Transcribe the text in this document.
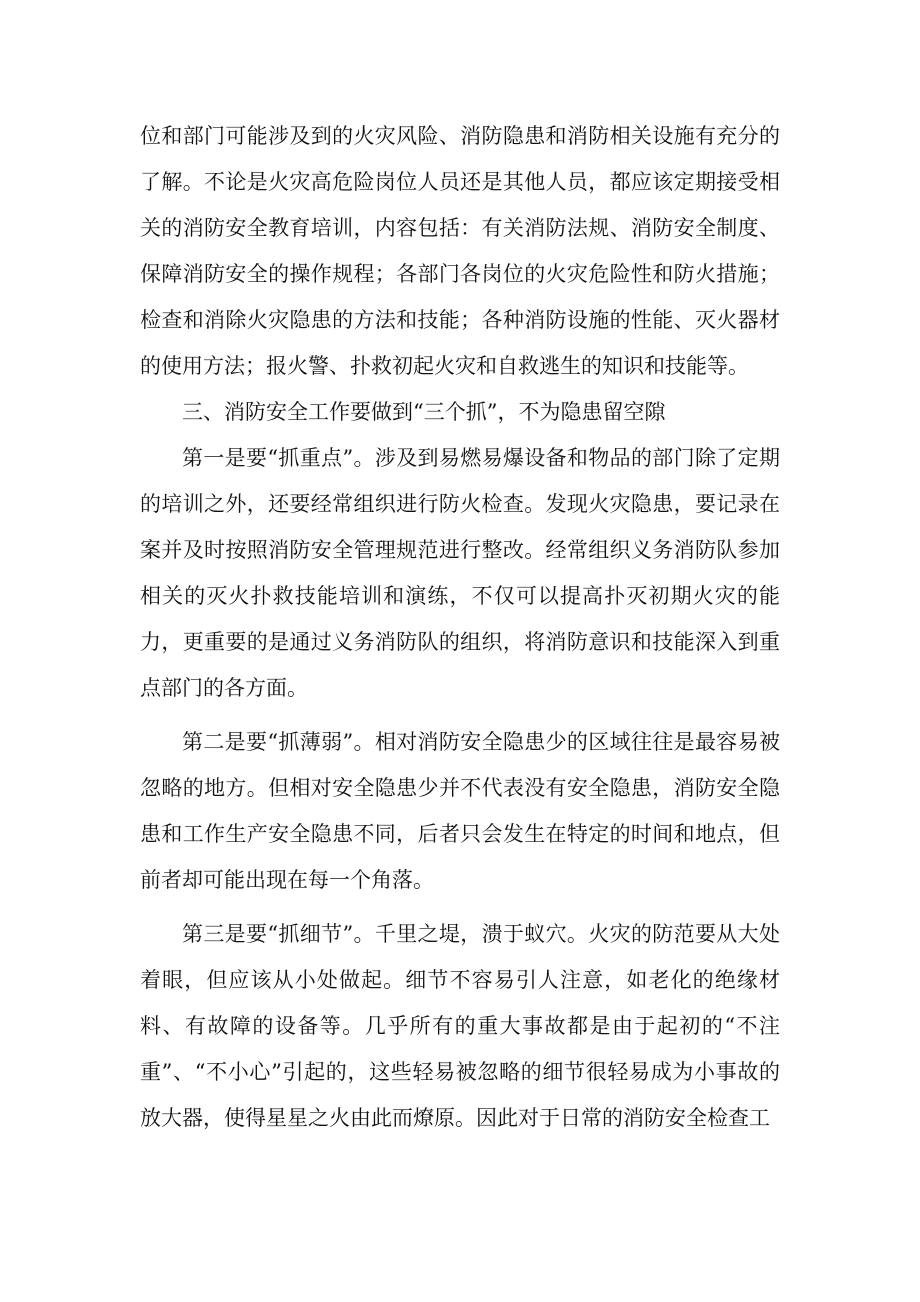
位和部门可能涉及到的火灾风险、消防隐患和消防相关设施有充分的了解。不论是火灾高危险岗位人员还是其他人员，都应该定期接受相关的消防安全教育培训，内容包括：有关消防法规、消防安全制度、保障消防安全的操作规程；各部门各岗位的火灾危险性和防火措施；检查和消除火灾隐患的方法和技能；各种消防设施的性能、灭火器材的使用方法；报火警、扑救初起火灾和自救逃生的知识和技能等。

三、消防安全工作要做到“三个抓”，不为隐患留空隙

第一是要“抓重点”。涉及到易燃易爆设备和物品的部门除了定期的培训之外，还要经常组织进行防火检查。发现火灾隐患，要记录在案并及时按照消防安全管理规范进行整改。经常组织义务消防队参加相关的灭火扑救技能培训和演练，不仅可以提高扑灭初期火灾的能力，更重要的是通过义务消防队的组织，将消防意识和技能深入到重点部门的各方面。

第二是要“抓薄弱”。相对消防安全隐患少的区域往往是最容易被忽略的地方。但相对安全隐患少并不代表没有安全隐患，消防安全隐患和工作生产安全隐患不同，后者只会发生在特定的时间和地点，但前者却可能出现在每一个角落。

第三是要“抓细节”。千里之堤，溃于蚁穴。火灾的防范要从大处着眼，但应该从小处做起。细节不容易引人注意，如老化的绝缘材料、有故障的设备等。几乎所有的重大事故都是由于起初的“不注重”、“不小心”引起的，这些轻易被忽略的细节很轻易成为小事故的放大器，使得星星之火由此而燎原。因此对于日常的消防安全检查工
